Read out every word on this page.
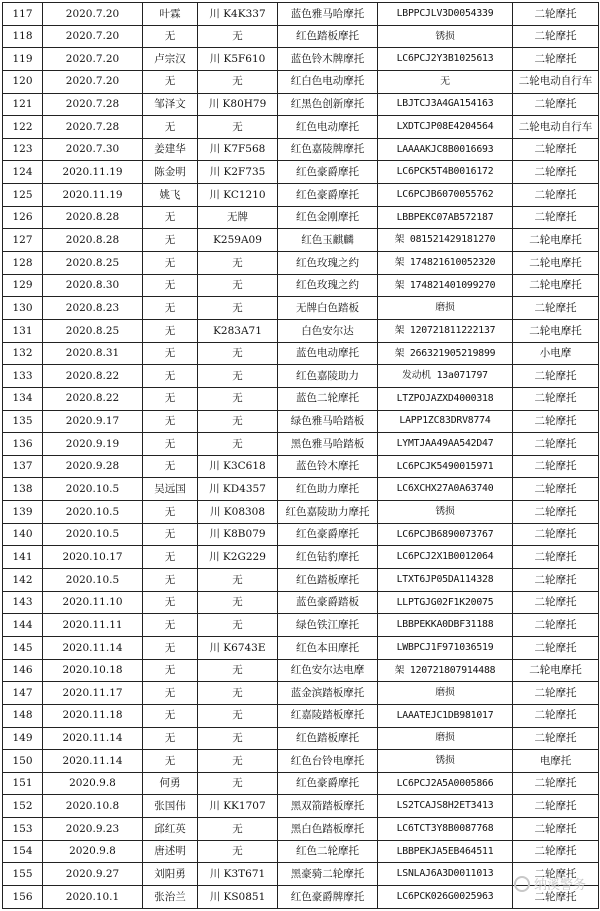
117	2020.7.20	叶霖	川 K4K337	蓝色雅马哈摩托	LBPPCJLV3D0054339	二轮摩托
118	2020.7.20	无	无	红色踏板摩托	锈损	二轮摩托
119	2020.7.20	卢宗汉	川 K5F610	蓝色铃木牌摩托	LC6PCJ2Y3B1025613	二轮摩托
120	2020.7.20	无	无	红白色电动摩托	无	二轮电动自行车
121	2020.7.28	邹泽文	川 K80H79	红黑色创新摩托	LBJTCJ3A4GA154163	二轮摩托
122	2020.7.28	无	无	红色电动摩托	LXDTCJP08E4204564	二轮电动自行车
123	2020.7.30	姜建华	川 K7F568	红色嘉陵牌摩托	LAAAAKJC8B0016693	二轮摩托
124	2020.11.19	陈金明	川 K2F735	红色豪爵摩托	LC6PCK5T4B0016172	二轮摩托
125	2020.11.19	姚飞	川 KC1210	红色豪爵摩托	LC6PCJB6070055762	二轮摩托
126	2020.8.28	无	无牌	红色金刚摩托	LBBPEKC07AB572187	二轮摩托
127	2020.8.28	无	K259A09	红色玉麒麟	架 081521429181270	二轮电摩托
128	2020.8.25	无	无	红色玫瑰之约	架 174821610052320	二轮电摩托
129	2020.8.30	无	无	红色玫瑰之约	架 174821401099270	二轮电摩托
130	2020.8.23	无	无	无牌白色踏板	磨损	二轮摩托
131	2020.8.25	无	K283A71	白色安尔达	架 120721811222137	二轮电摩托
132	2020.8.31	无	无	蓝色电动摩托	架 266321905219899	小电摩
133	2020.8.22	无	无	红色嘉陵助力	发动机 13a071797	二轮摩托
134	2020.8.22	无	无	蓝色二轮摩托	LTZPOJAZXD4000318	二轮摩托
135	2020.9.17	无	无	绿色雅马哈踏板	LAPP1ZC83DRV8774	二轮摩托
136	2020.9.19	无	无	黑色雅马哈踏板	LYMTJAA49AA542D47	二轮摩托
137	2020.9.28	无	川 K3C618	蓝色铃木摩托	LC6PCJK5490015971	二轮摩托
138	2020.10.5	吴远国	川 KD4357	红色助力摩托	LC6XCHX27A0A63740	二轮摩托
139	2020.10.5	无	川 K08308	红色嘉陵助力摩托	锈损	二轮摩托
140	2020.10.5	无	川 K8B079	红色豪爵摩托	LC6PCJB6890073767	二轮摩托
141	2020.10.17	无	川 K2G229	红色钻豹摩托	LC6PCJ2X1B0012064	二轮摩托
142	2020.10.5	无	无	红色踏板摩托	LTXT6JP05DA114328	二轮摩托
143	2020.11.10	无	无	蓝色豪爵踏板	LLPTGJG02F1K20075	二轮摩托
144	2020.11.11	无	无	绿色铁江摩托	LBBPEKKA0DBF31188	二轮摩托
145	2020.11.14	无	川 K6743E	红色本田摩托	LWBPCJ1F971036519	二轮摩托
146	2020.10.18	无	无	红色安尔达电摩	架 120721807914488	二轮电摩托
147	2020.11.17	无	无	蓝金滨踏板摩托	磨损	二轮摩托
148	2020.11.18	无	无	红嘉陵踏板摩托	LAAATEJC1DB981017	二轮摩托
149	2020.11.14	无	无	红色踏板摩托	磨损	二轮摩托
150	2020.11.14	无	无	红色台铃电摩托	锈损	电摩托
151	2020.9.8	何勇	无	红色豪爵摩托	LC6PCJ2A5A0005866	二轮摩托
152	2020.10.8	张国伟	川 KK1707	黑双箭踏板摩托	LS2TCAJS8H2ET3413	二轮摩托
153	2020.9.23	邱红英	无	黑白色踏板摩托	LC6TCT3Y8B0087768	二轮摩托
154	2020.9.8	唐述明	无	红色二轮摩托	LBBPEKJA5EB464511	二轮摩托
155	2020.9.27	刘阳勇	川 K3T671	黑豪骑二轮摩托	LSNLAJ6A3D0011013	二轮摩托
156	2020.10.1	张治兰	川 KS0851	红色豪爵牌摩托	LC6PCK026G0025963	二轮摩托
纳溪警务
